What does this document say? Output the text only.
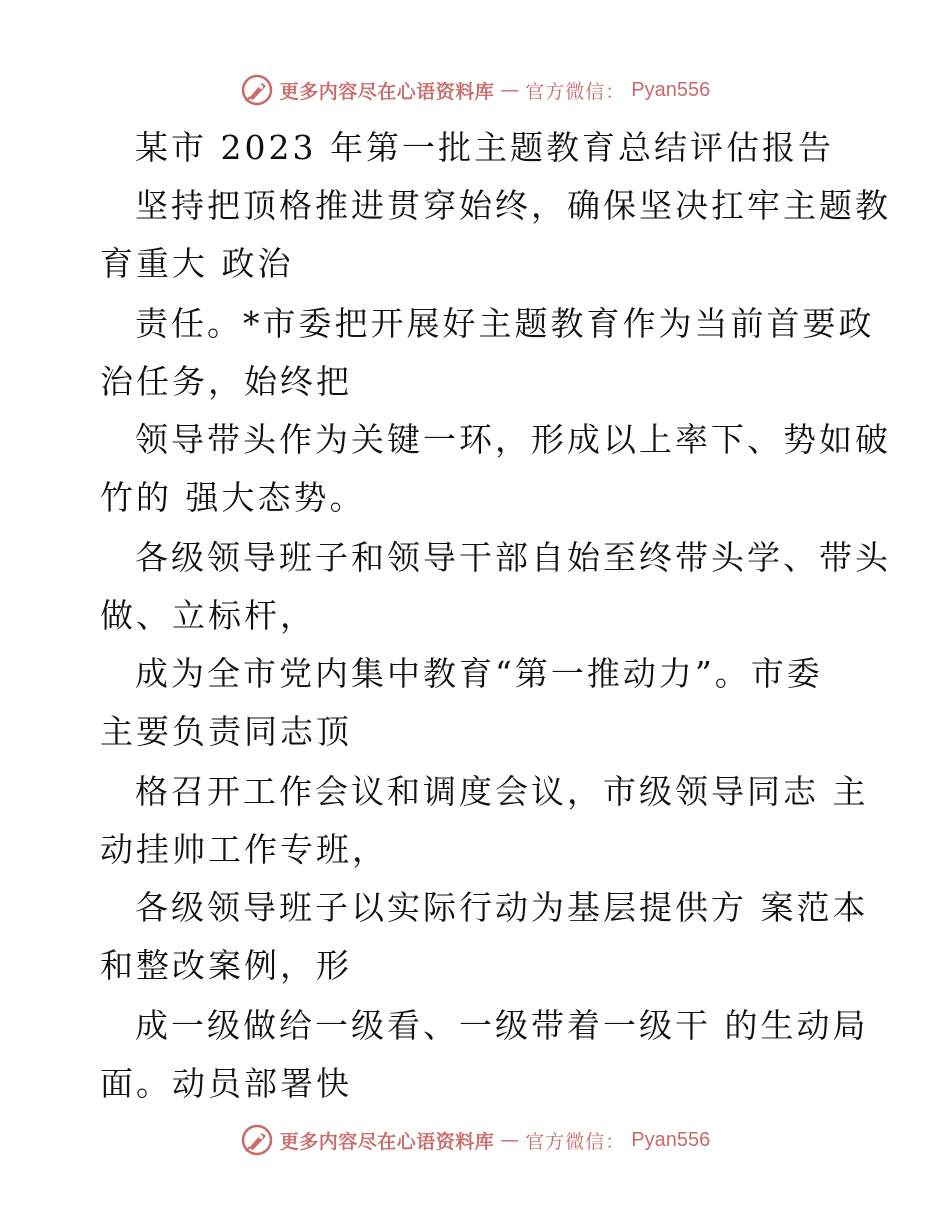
更多内容尽在心语资料库 — 官方微信： Pyan556
某市 2023 年第一批主题教育总结评估报告
坚持把顶格推进贯穿始终，确保坚决扛牢主题教
育重大 政治
责任。*市委把开展好主题教育作为当前首要政
治任务，始终把
领导带头作为关键一环，形成以上率下、势如破
竹的 强大态势。
各级领导班子和领导干部自始至终带头学、带头
做、立标杆，
成为全市党内集中教育“第一推动力”。市委
主要负责同志顶
格召开工作会议和调度会议，市级领导同志 主
动挂帅工作专班，
各级领导班子以实际行动为基层提供方 案范本
和整改案例，形
成一级做给一级看、一级带着一级干 的生动局
面。动员部署快
更多内容尽在心语资料库 — 官方微信： Pyan556
